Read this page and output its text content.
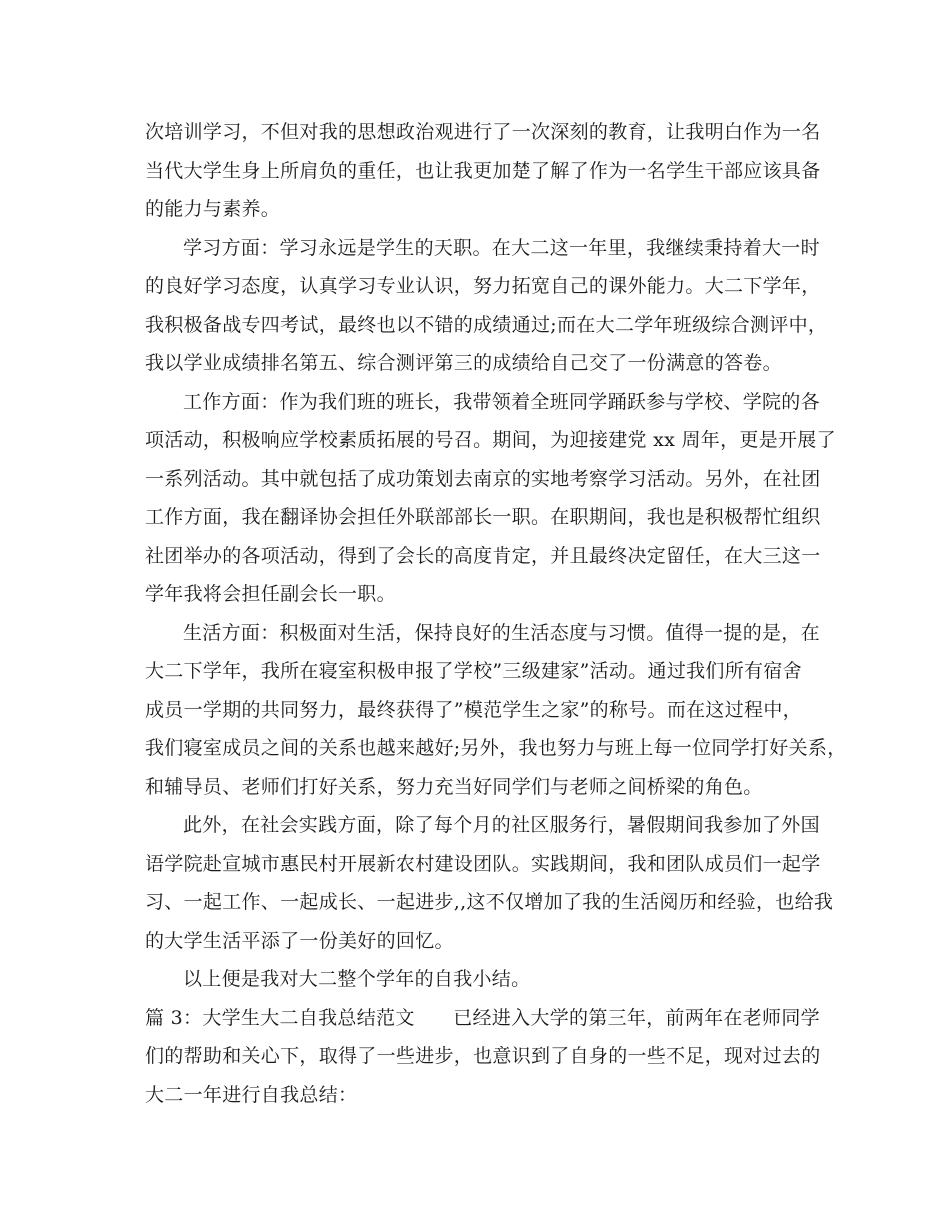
次培训学习，不但对我的思想政治观进行了一次深刻的教育，让我明白作为一名
当代大学生身上所肩负的重任，也让我更加楚了解了作为一名学生干部应该具备
的能力与素养。
学习方面：学习永远是学生的天职。在大二这一年里，我继续秉持着大一时
的良好学习态度，认真学习专业认识，努力拓宽自己的课外能力。大二下学年，
我积极备战专四考试，最终也以不错的成绩通过;而在大二学年班级综合测评中，
我以学业成绩排名第五、综合测评第三的成绩给自己交了一份满意的答卷。
工作方面：作为我们班的班长，我带领着全班同学踊跃参与学校、学院的各
项活动，积极响应学校素质拓展的号召。期间，为迎接建党 xx 周年，更是开展了
一系列活动。其中就包括了成功策划去南京的实地考察学习活动。另外，在社团
工作方面，我在翻译协会担任外联部部长一职。在职期间，我也是积极帮忙组织
社团举办的各项活动，得到了会长的高度肯定，并且最终决定留任，在大三这一
学年我将会担任副会长一职。
生活方面：积极面对生活，保持良好的生活态度与习惯。值得一提的是，在
大二下学年，我所在寝室积极申报了学校”三级建家”活动。通过我们所有宿舍
成员一学期的共同努力，最终获得了”模范学生之家”的称号。而在这过程中，
我们寝室成员之间的关系也越来越好;另外，我也努力与班上每一位同学打好关系，
和辅导员、老师们打好关系，努力充当好同学们与老师之间桥梁的角色。
此外，在社会实践方面，除了每个月的社区服务行，暑假期间我参加了外国
语学院赴宣城市惠民村开展新农村建设团队。实践期间，我和团队成员们一起学
习、一起工作、一起成长、一起进步,,这不仅增加了我的生活阅历和经验，也给我
的大学生活平添了一份美好的回忆。
以上便是我对大二整个学年的自我小结。
篇 3：大学生大二自我总结范文　　已经进入大学的第三年，前两年在老师同学
们的帮助和关心下，取得了一些进步，也意识到了自身的一些不足，现对过去的
大二一年进行自我总结：
